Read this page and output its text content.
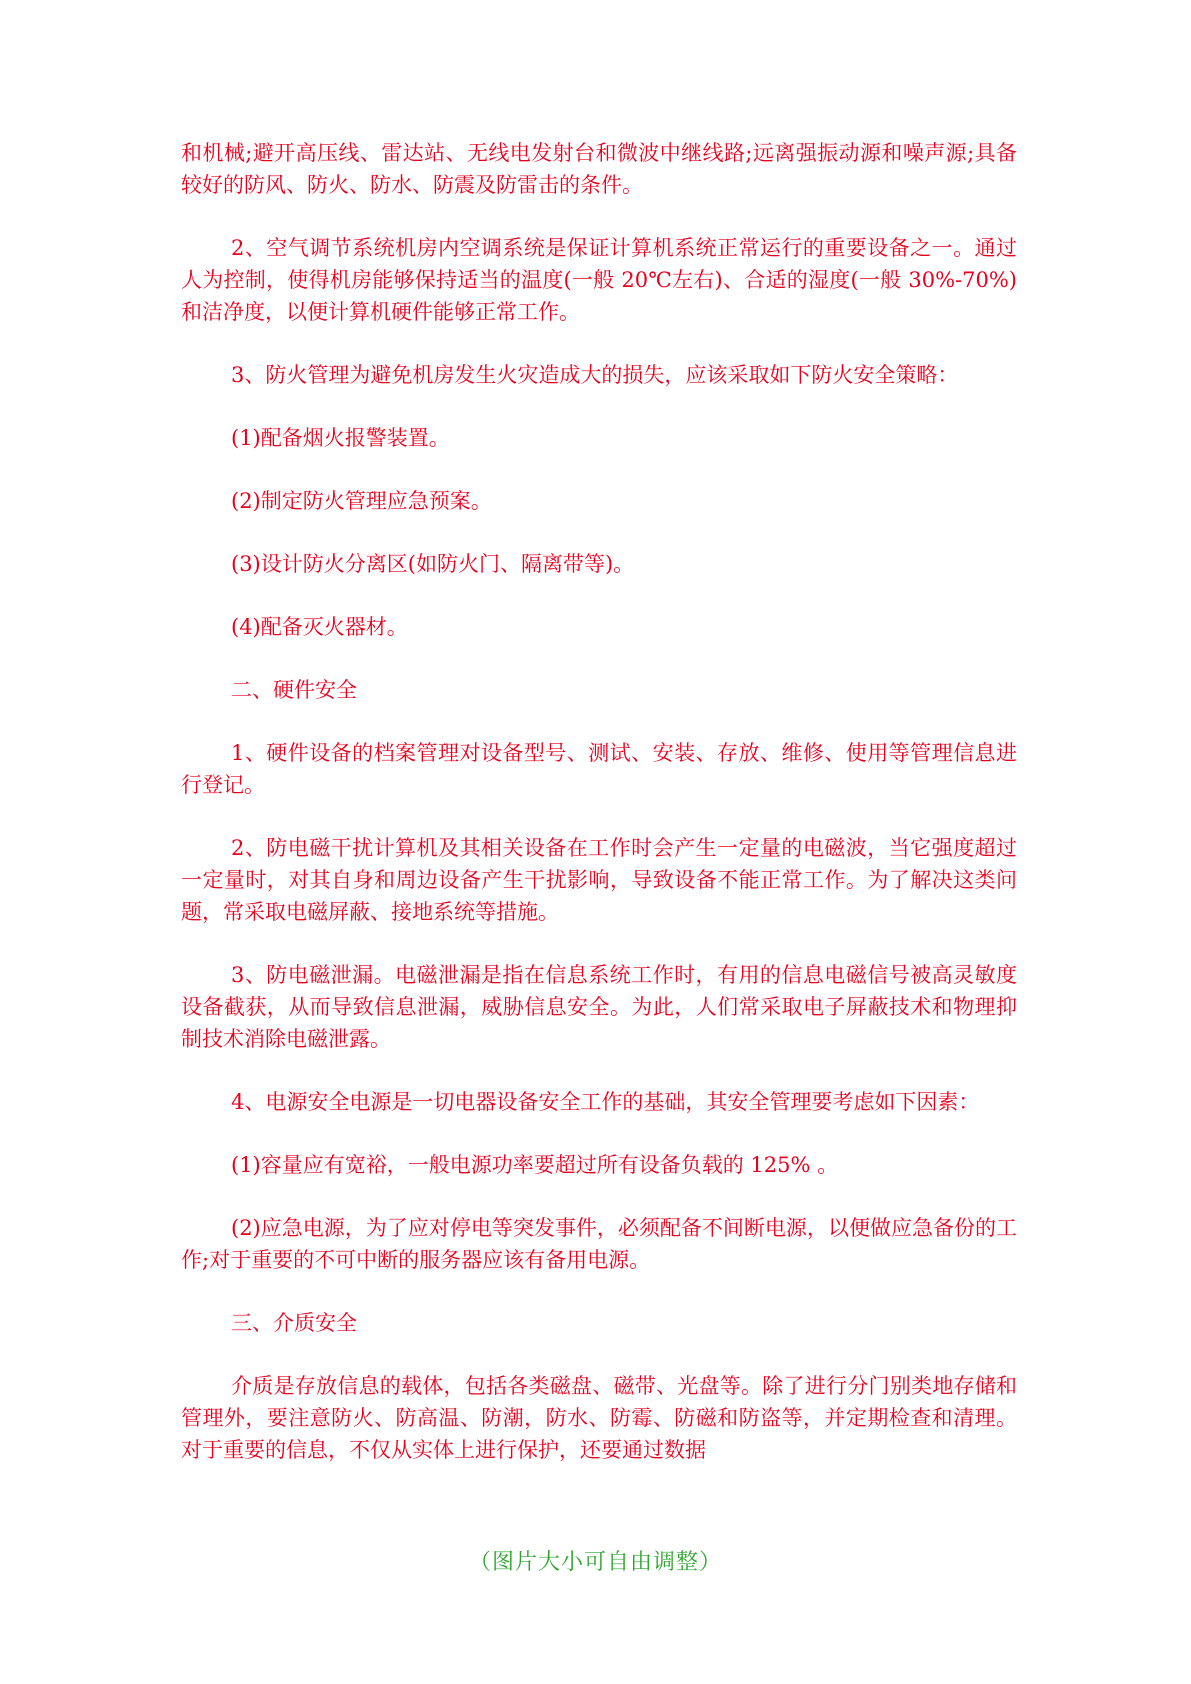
和机械;避开高压线、雷达站、无线电发射台和微波中继线路;远离强振动源和噪声源;具备较好的防风、防火、防水、防震及防雷击的条件。

2、空气调节系统机房内空调系统是保证计算机系统正常运行的重要设备之一。通过人为控制，使得机房能够保持适当的温度(一般 20℃左右)、合适的湿度(一般 30%-70%)和洁净度，以便计算机硬件能够正常工作。

3、防火管理为避免机房发生火灾造成大的损失，应该采取如下防火安全策略：

(1)配备烟火报警装置。

(2)制定防火管理应急预案。

(3)设计防火分离区(如防火门、隔离带等)。

(4)配备灭火器材。

二、硬件安全

1、硬件设备的档案管理对设备型号、测试、安装、存放、维修、使用等管理信息进行登记。

2、防电磁干扰计算机及其相关设备在工作时会产生一定量的电磁波，当它强度超过一定量时，对其自身和周边设备产生干扰影响，导致设备不能正常工作。为了解决这类问题，常采取电磁屏蔽、接地系统等措施。

3、防电磁泄漏。电磁泄漏是指在信息系统工作时，有用的信息电磁信号被高灵敏度设备截获，从而导致信息泄漏，威胁信息安全。为此，人们常采取电子屏蔽技术和物理抑制技术消除电磁泄露。

4、电源安全电源是一切电器设备安全工作的基础，其安全管理要考虑如下因素：

(1)容量应有宽裕，一般电源功率要超过所有设备负载的 125% 。

(2)应急电源，为了应对停电等突发事件，必须配备不间断电源，以便做应急备份的工作;对于重要的不可中断的服务器应该有备用电源。

三、介质安全

介质是存放信息的载体，包括各类磁盘、磁带、光盘等。除了进行分门别类地存储和管理外，要注意防火、防高温、防潮，防水、防霉、防磁和防盗等，并定期检查和清理。对于重要的信息，不仅从实体上进行保护，还要通过数据

（图片大小可自由调整）
